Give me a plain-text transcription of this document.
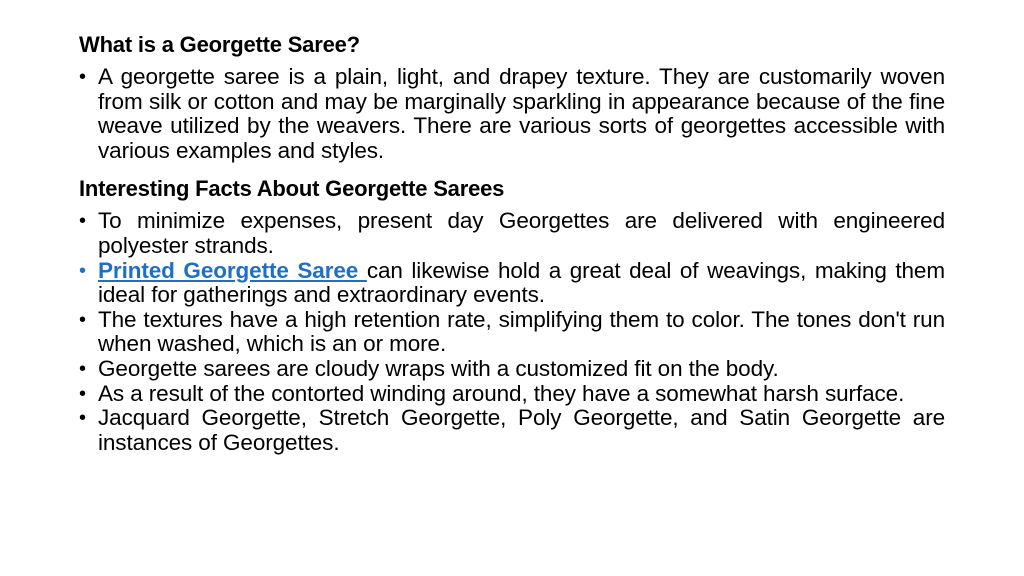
What is a Georgette Saree?
• A georgette saree is a plain, light, and drapey texture. They are customarily woven from silk or cotton and may be marginally sparkling in appearance because of the fine weave utilized by the weavers. There are various sorts of georgettes accessible with various examples and styles.
Interesting Facts About Georgette Sarees
• To minimize expenses, present day Georgettes are delivered with engineered polyester strands.
• Printed Georgette Saree can likewise hold a great deal of weavings, making them ideal for gatherings and extraordinary events.
• The textures have a high retention rate, simplifying them to color. The tones don't run when washed, which is an or more.
• Georgette sarees are cloudy wraps with a customized fit on the body.
• As a result of the contorted winding around, they have a somewhat harsh surface.
• Jacquard Georgette, Stretch Georgette, Poly Georgette, and Satin Georgette are instances of Georgettes.
